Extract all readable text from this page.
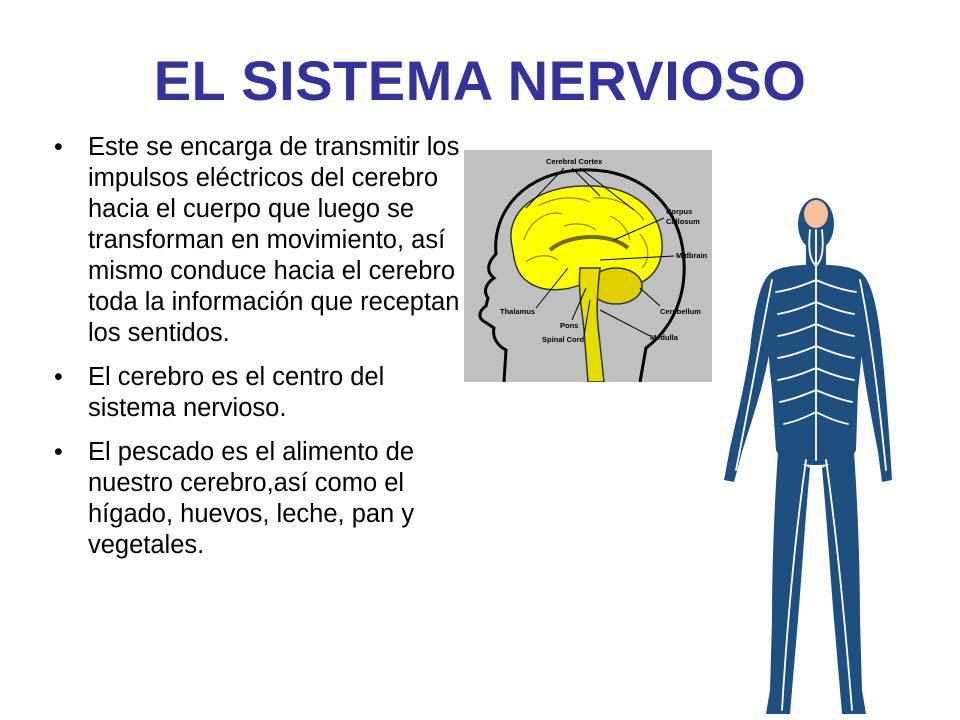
EL SISTEMA NERVIOSO
• Este se encarga de transmitir los impulsos eléctricos del cerebro hacia el cuerpo que luego se transforman en movimiento, así mismo conduce hacia el cerebro toda la información que receptan los sentidos.
• El cerebro es el centro del sistema nervioso.
• El pescado es el alimento de nuestro cerebro,así como el hígado, huevos, leche, pan y vegetales.
Cerebral Cortex
Corpus
Callosum
Midbrain
Thalamus
Pons
Cerebellum
Spinal Cord	Medulla
